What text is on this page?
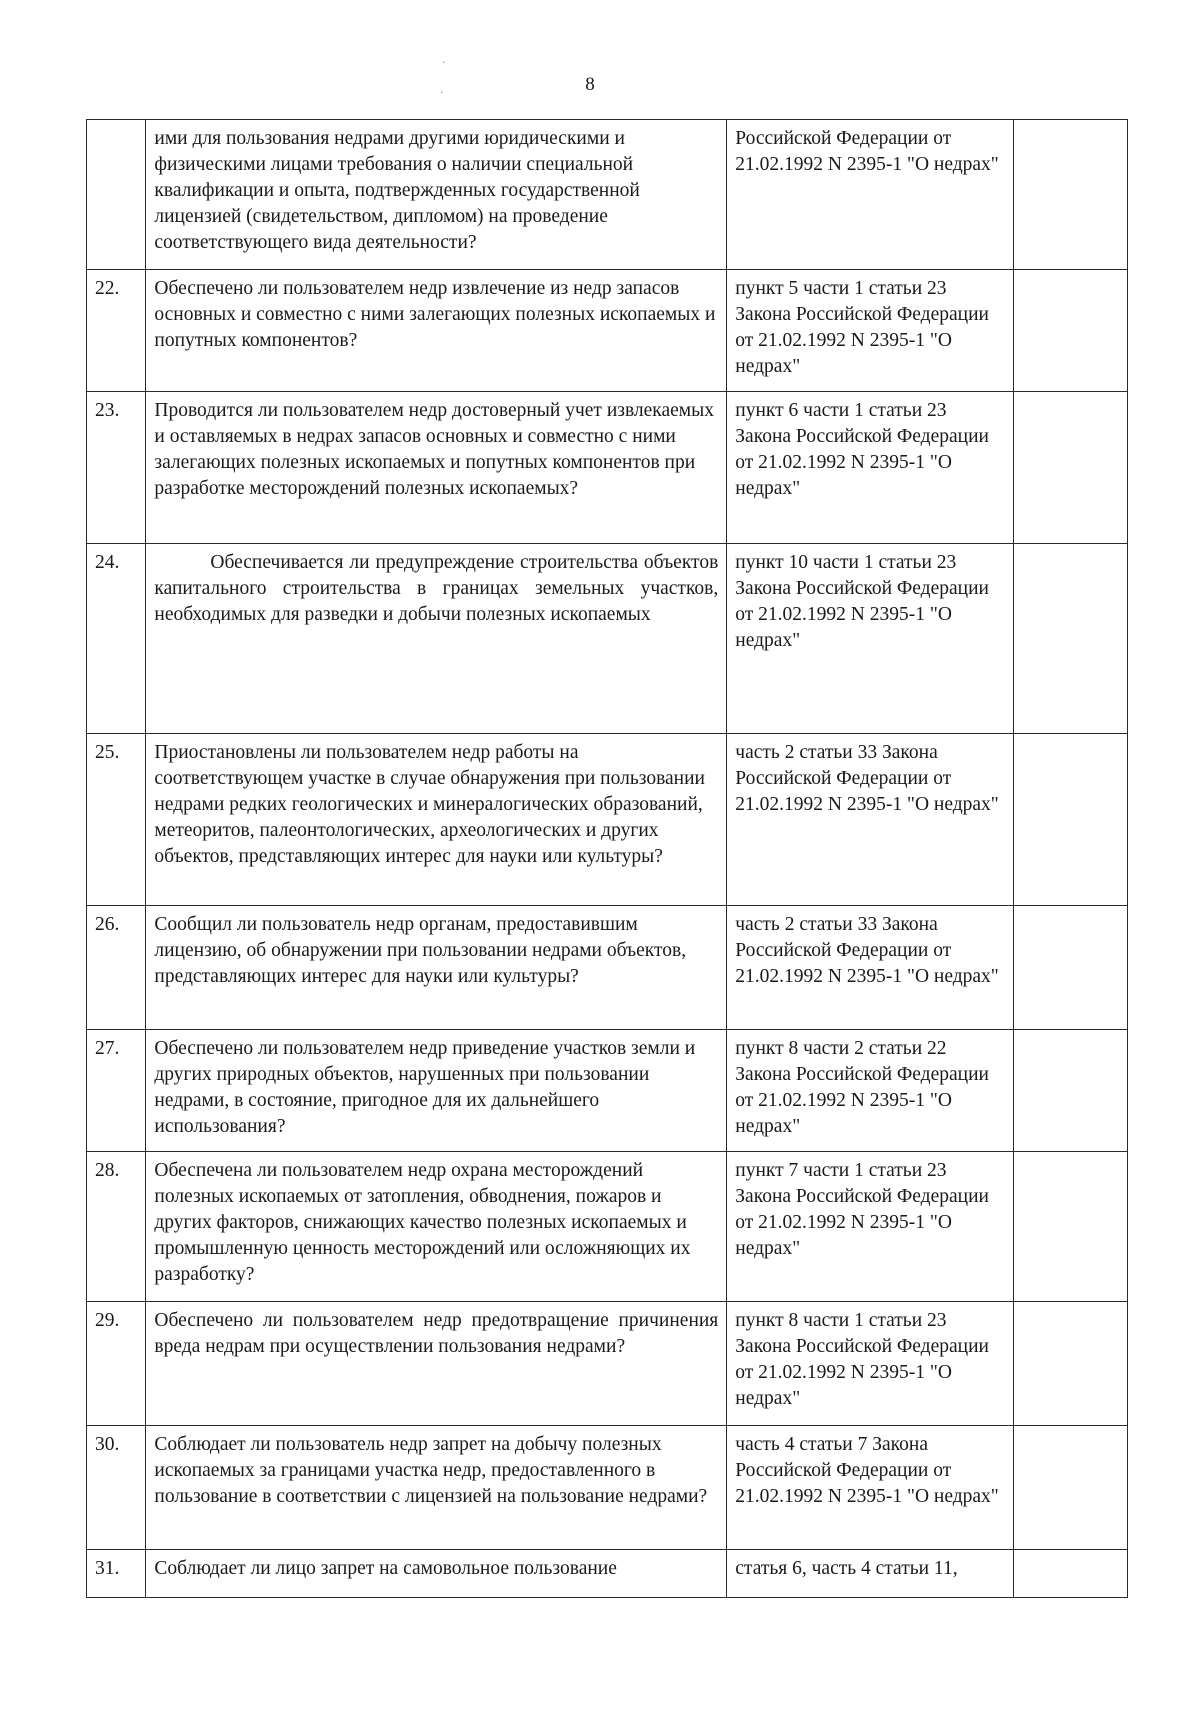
·
·	8
	ими для пользования недрами другими юридическими и физическими лицами требования о наличии специальной квалификации и опыта, подтвержденных государственной лицензией (свидетельством, дипломом) на проведение соответствующего вида деятельности?	Российской Федерации от 21.02.1992 N 2395-1 "О недрах"	
22.	Обеспечено ли пользователем недр извлечение из недр запасов основных и совместно с ними залегающих полезных ископаемых и попутных компонентов?	пункт 5 части 1 статьи 23 Закона Российской Федерации от 21.02.1992 N 2395-1 "О недрах"	
23.	Проводится ли пользователем недр достоверный учет извлекаемых и оставляемых в недрах запасов основных и совместно с ними залегающих полезных ископаемых и попутных компонентов при разработке месторождений полезных ископаемых?	пункт 6 части 1 статьи 23 Закона Российской Федерации от 21.02.1992 N 2395-1 "О недрах"	
24.	Обеспечивается ли предупреждение строительства объектов капитального строительства в границах земельных участков, необходимых для разведки и добычи полезных ископаемых	пункт 10 части 1 статьи 23 Закона Российской Федерации от 21.02.1992 N 2395-1 "О недрах"	
25.	Приостановлены ли пользователем недр работы на соответствующем участке в случае обнаружения при пользовании недрами редких геологических и минералогических образований, метеоритов, палеонтологических, археологических и других объектов, представляющих интерес для науки или культуры?	часть 2 статьи 33 Закона Российской Федерации от 21.02.1992 N 2395-1 "О недрах"	
26.	Сообщил ли пользователь недр органам, предоставившим лицензию, об обнаружении при пользовании недрами объектов, представляющих интерес для науки или культуры?	часть 2 статьи 33 Закона Российской Федерации от 21.02.1992 N 2395-1 "О недрах"	
27.	Обеспечено ли пользователем недр приведение участков земли и других природных объектов, нарушенных при пользовании недрами, в состояние, пригодное для их дальнейшего использования?	пункт 8 части 2 статьи 22 Закона Российской Федерации от 21.02.1992 N 2395-1 "О недрах"	
28.	Обеспечена ли пользователем недр охрана месторождений полезных ископаемых от затопления, обводнения, пожаров и других факторов, снижающих качество полезных ископаемых и промышленную ценность месторождений или осложняющих их разработку?	пункт 7 части 1 статьи 23 Закона Российской Федерации от 21.02.1992 N 2395-1 "О недрах"	
29.	Обеспечено ли пользователем недр предотвращение причинения вреда недрам при осуществлении пользования недрами?	пункт 8 части 1 статьи 23 Закона Российской Федерации от 21.02.1992 N 2395-1 "О недрах"	
30.	Соблюдает ли пользователь недр запрет на добычу полезных ископаемых за границами участка недр, предоставленного в пользование в соответствии с лицензией на пользование недрами?	часть 4 статьи 7 Закона Российской Федерации от 21.02.1992 N 2395-1 "О недрах"	
31.	Соблюдает ли лицо запрет на самовольное пользование	статья 6, часть 4 статьи 11,	
